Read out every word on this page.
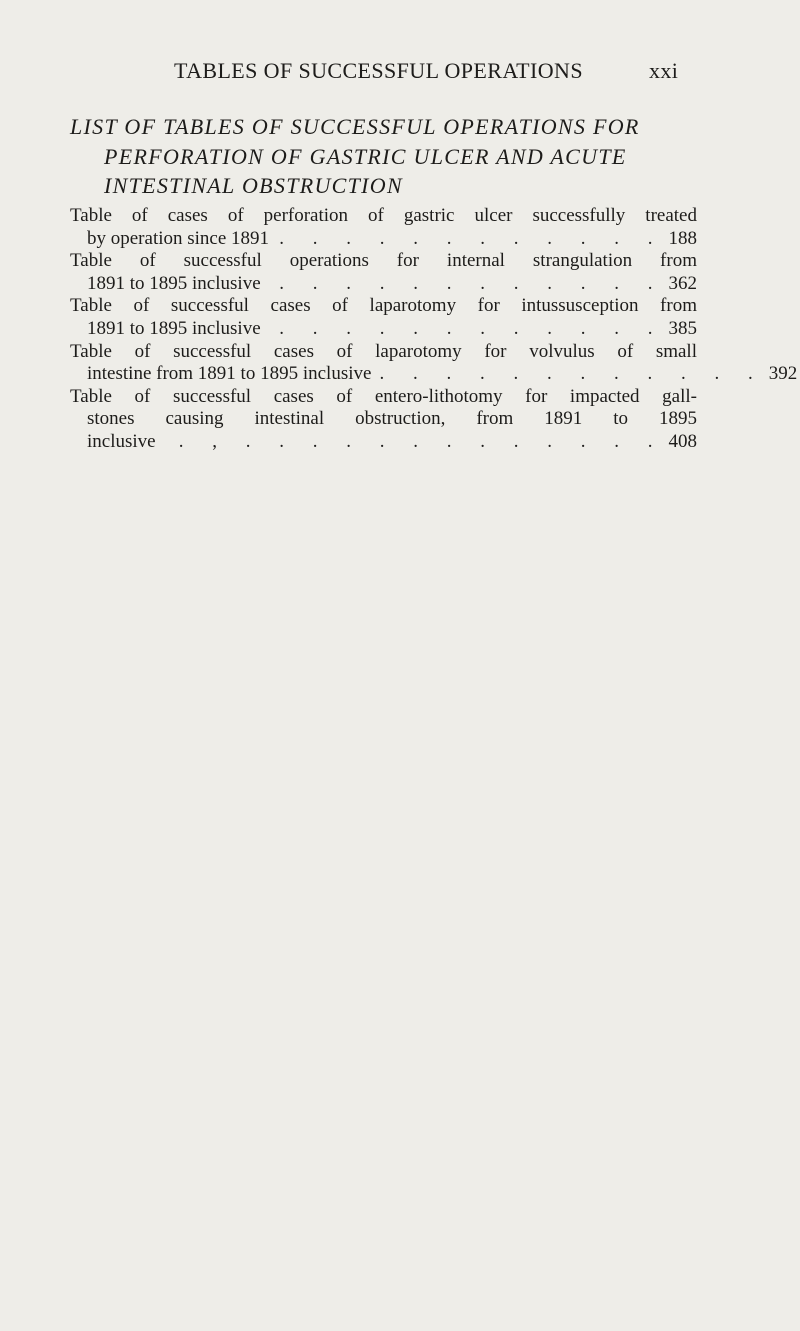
TABLES OF SUCCESSFUL OPERATIONS	xxi
LIST OF TABLES OF SUCCESSFUL OPERATIONS FOR
PERFORATION OF GASTRIC ULCER AND ACUTE
INTESTINAL OBSTRUCTION
Table of cases of perforation of gastric ulcer successfully treated
by operation since 1891 . . . . . . . . . . . . 188
Table of successful operations for internal strangulation from
1891 to 1895 inclusive . . . . . . . . . . . . 362
Table of successful cases of laparotomy for intussusception from
1891 to 1895 inclusive . . . . . . . . . . . . 385
Table of successful cases of laparotomy for volvulus of small
intestine from 1891 to 1895 inclusive . . . . . . . . . . . . 392
Table of successful cases of entero-lithotomy for impacted gall-
stones causing intestinal obstruction, from 1891 to 1895
inclusive	. , . . . . . . . . . . . . . 408
